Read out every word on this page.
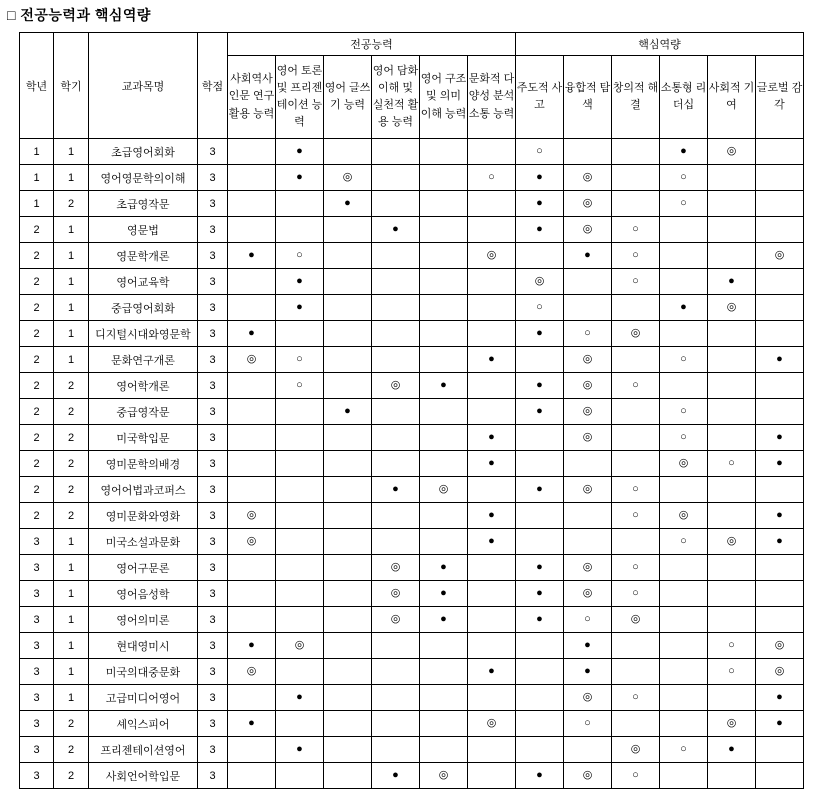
□ 전공능력과 핵심역량
학년	학기	교과목명	학점	전공능력						핵심역량					
				사회역사 인문 연구활용 능력	영어 토론 및 프리젠테이션 능력	영어 글쓰기 능력	영어 담화 이해 및 실천적 활용 능력	영어 구조 및 의미 이해 능력	문화적 다양성 분석소통 능력	주도적 사고	융합적 탐색	창의적 해결	소통형 리더십	사회적 기여	글로벌 감각
1	1	초급영어회화	3		●					○			●	◎	
1	1	영어영문학의이해	3		●	◎			○	●	◎		○		
1	2	초급영작문	3			●				●	◎		○		
2	1	영문법	3				●			●	◎	○			
2	1	영문학개론	3	●	○				◎		●	○			◎
2	1	영어교육학	3		●					◎		○		●	
2	1	중급영어회화	3		●					○			●	◎	
2	1	디지털시대와영문학	3	●						●	○	◎			
2	1	문화연구개론	3	◎	○				●		◎		○		●
2	2	영어학개론	3		○		◎	●		●	◎	○			
2	2	중급영작문	3			●				●	◎		○		
2	2	미국학입문	3						●		◎		○		●
2	2	영미문학의배경	3						●				◎	○	●
2	2	영어어법과코퍼스	3				●	◎		●	◎	○			
2	2	영미문화와영화	3	◎					●			○	◎		●
3	1	미국소설과문화	3	◎					●				○	◎	●
3	1	영어구문론	3				◎	●		●	◎	○			
3	1	영어음성학	3				◎	●		●	◎	○			
3	1	영어의미론	3				◎	●		●	○	◎			
3	1	현대영미시	3	●	◎						●			○	◎
3	1	미국의대중문화	3	◎					●		●			○	◎
3	1	고급미디어영어	3		●						◎	○			●
3	2	셰익스피어	3	●					◎		○			◎	●
3	2	프리젠테이션영어	3		●							◎	○	●	
3	2	사회언어학입문	3				●	◎		●	◎	○			
